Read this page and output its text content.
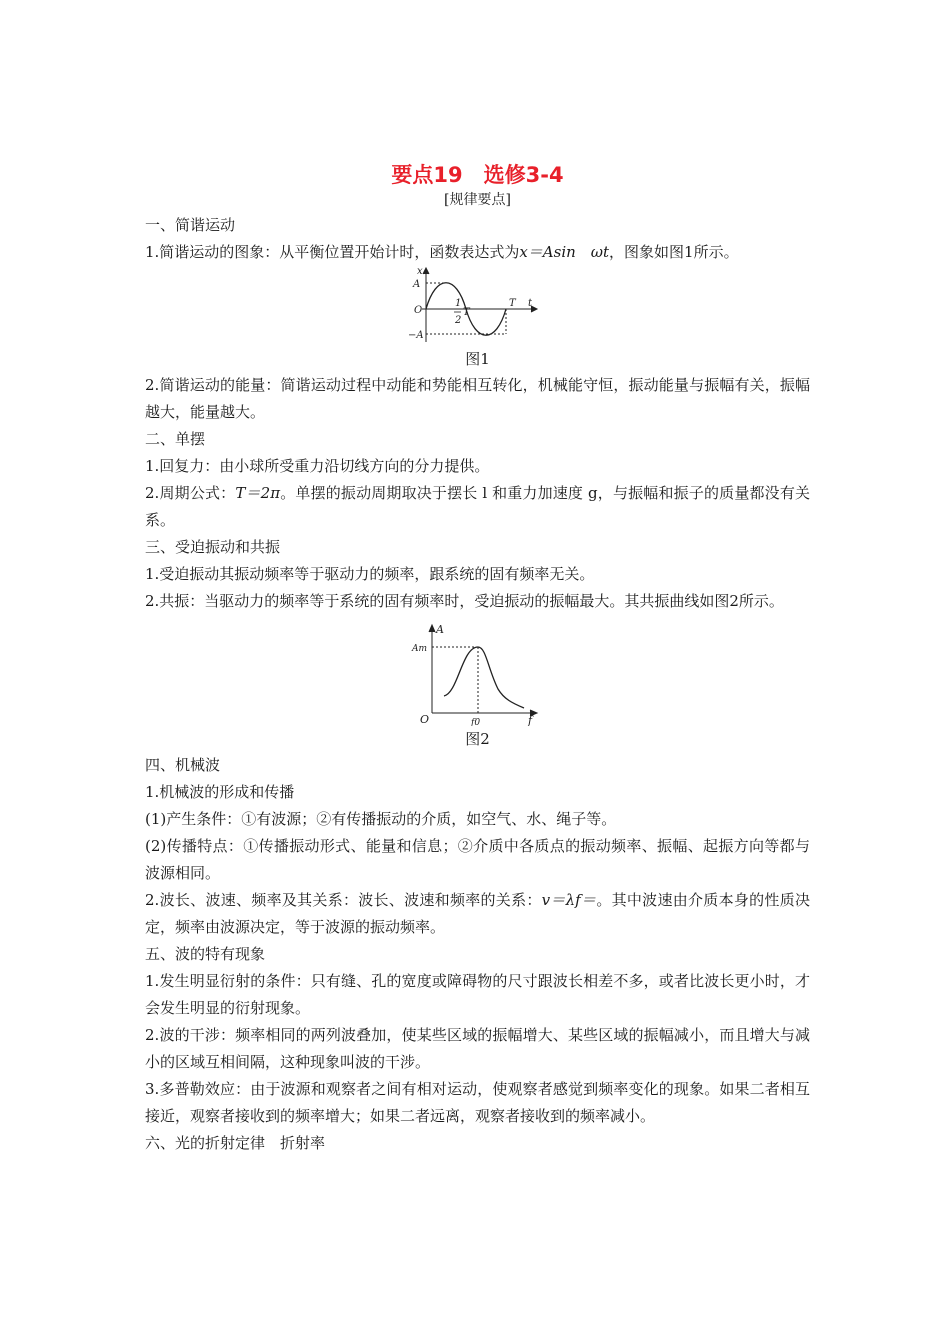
要点19　选修3-4
[规律要点]

一、简谐运动

1.简谐运动的图象：从平衡位置开始计时，函数表达式为x＝Asin　ωt，图象如图1所示。

x
A
O
−A
1
2
T
T t
图1

2.简谐运动的能量：简谐运动过程中动能和势能相互转化，机械能守恒，振动能量与振幅有关，振幅越大，能量越大。

二、单摆

1.回复力：由小球所受重力沿切线方向的分力提供。

2.周期公式：T＝2π。单摆的振动周期取决于摆长 l 和重力加速度 g，与振幅和振子的质量都没有关系。

三、受迫振动和共振

1.受迫振动其振动频率等于驱动力的频率，跟系统的固有频率无关。

2.共振：当驱动力的频率等于系统的固有频率时，受迫振动的振幅最大。其共振曲线如图2所示。

A
Am
O	f0	f
图2

四、机械波

1.机械波的形成和传播

(1)产生条件：①有波源；②有传播振动的介质，如空气、水、绳子等。

(2)传播特点：①传播振动形式、能量和信息；②介质中各质点的振动频率、振幅、起振方向等都与波源相同。

2.波长、波速、频率及其关系：波长、波速和频率的关系：v＝λf＝。其中波速由介质本身的性质决定，频率由波源决定，等于波源的振动频率。

五、波的特有现象

1.发生明显衍射的条件：只有缝、孔的宽度或障碍物的尺寸跟波长相差不多，或者比波长更小时，才会发生明显的衍射现象。

2.波的干涉：频率相同的两列波叠加，使某些区域的振幅增大、某些区域的振幅减小，而且增大与减小的区域互相间隔，这种现象叫波的干涉。

3.多普勒效应：由于波源和观察者之间有相对运动，使观察者感觉到频率变化的现象。如果二者相互接近，观察者接收到的频率增大；如果二者远离，观察者接收到的频率减小。

六、光的折射定律　折射率
